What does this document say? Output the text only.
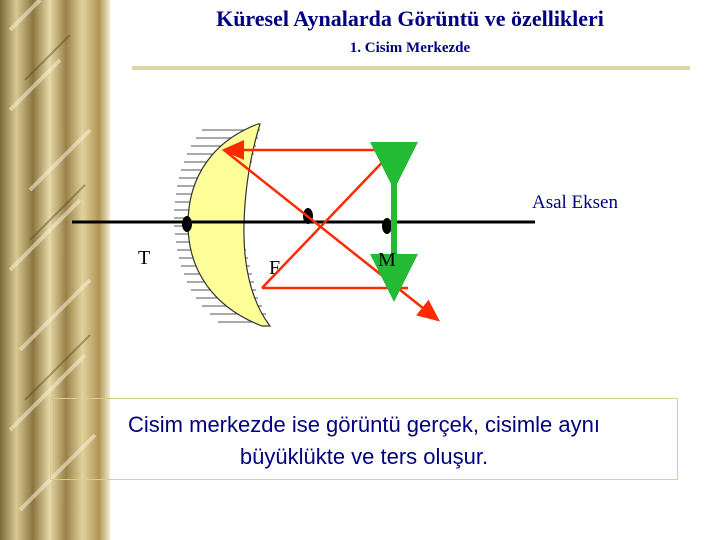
Küresel Aynalarda Görüntü ve özellikleri
1. Cisim Merkezde
Asal Eksen
T	F	M
Cisim merkezde ise görüntü gerçek, cisimle aynı
büyüklükte ve ters oluşur.
